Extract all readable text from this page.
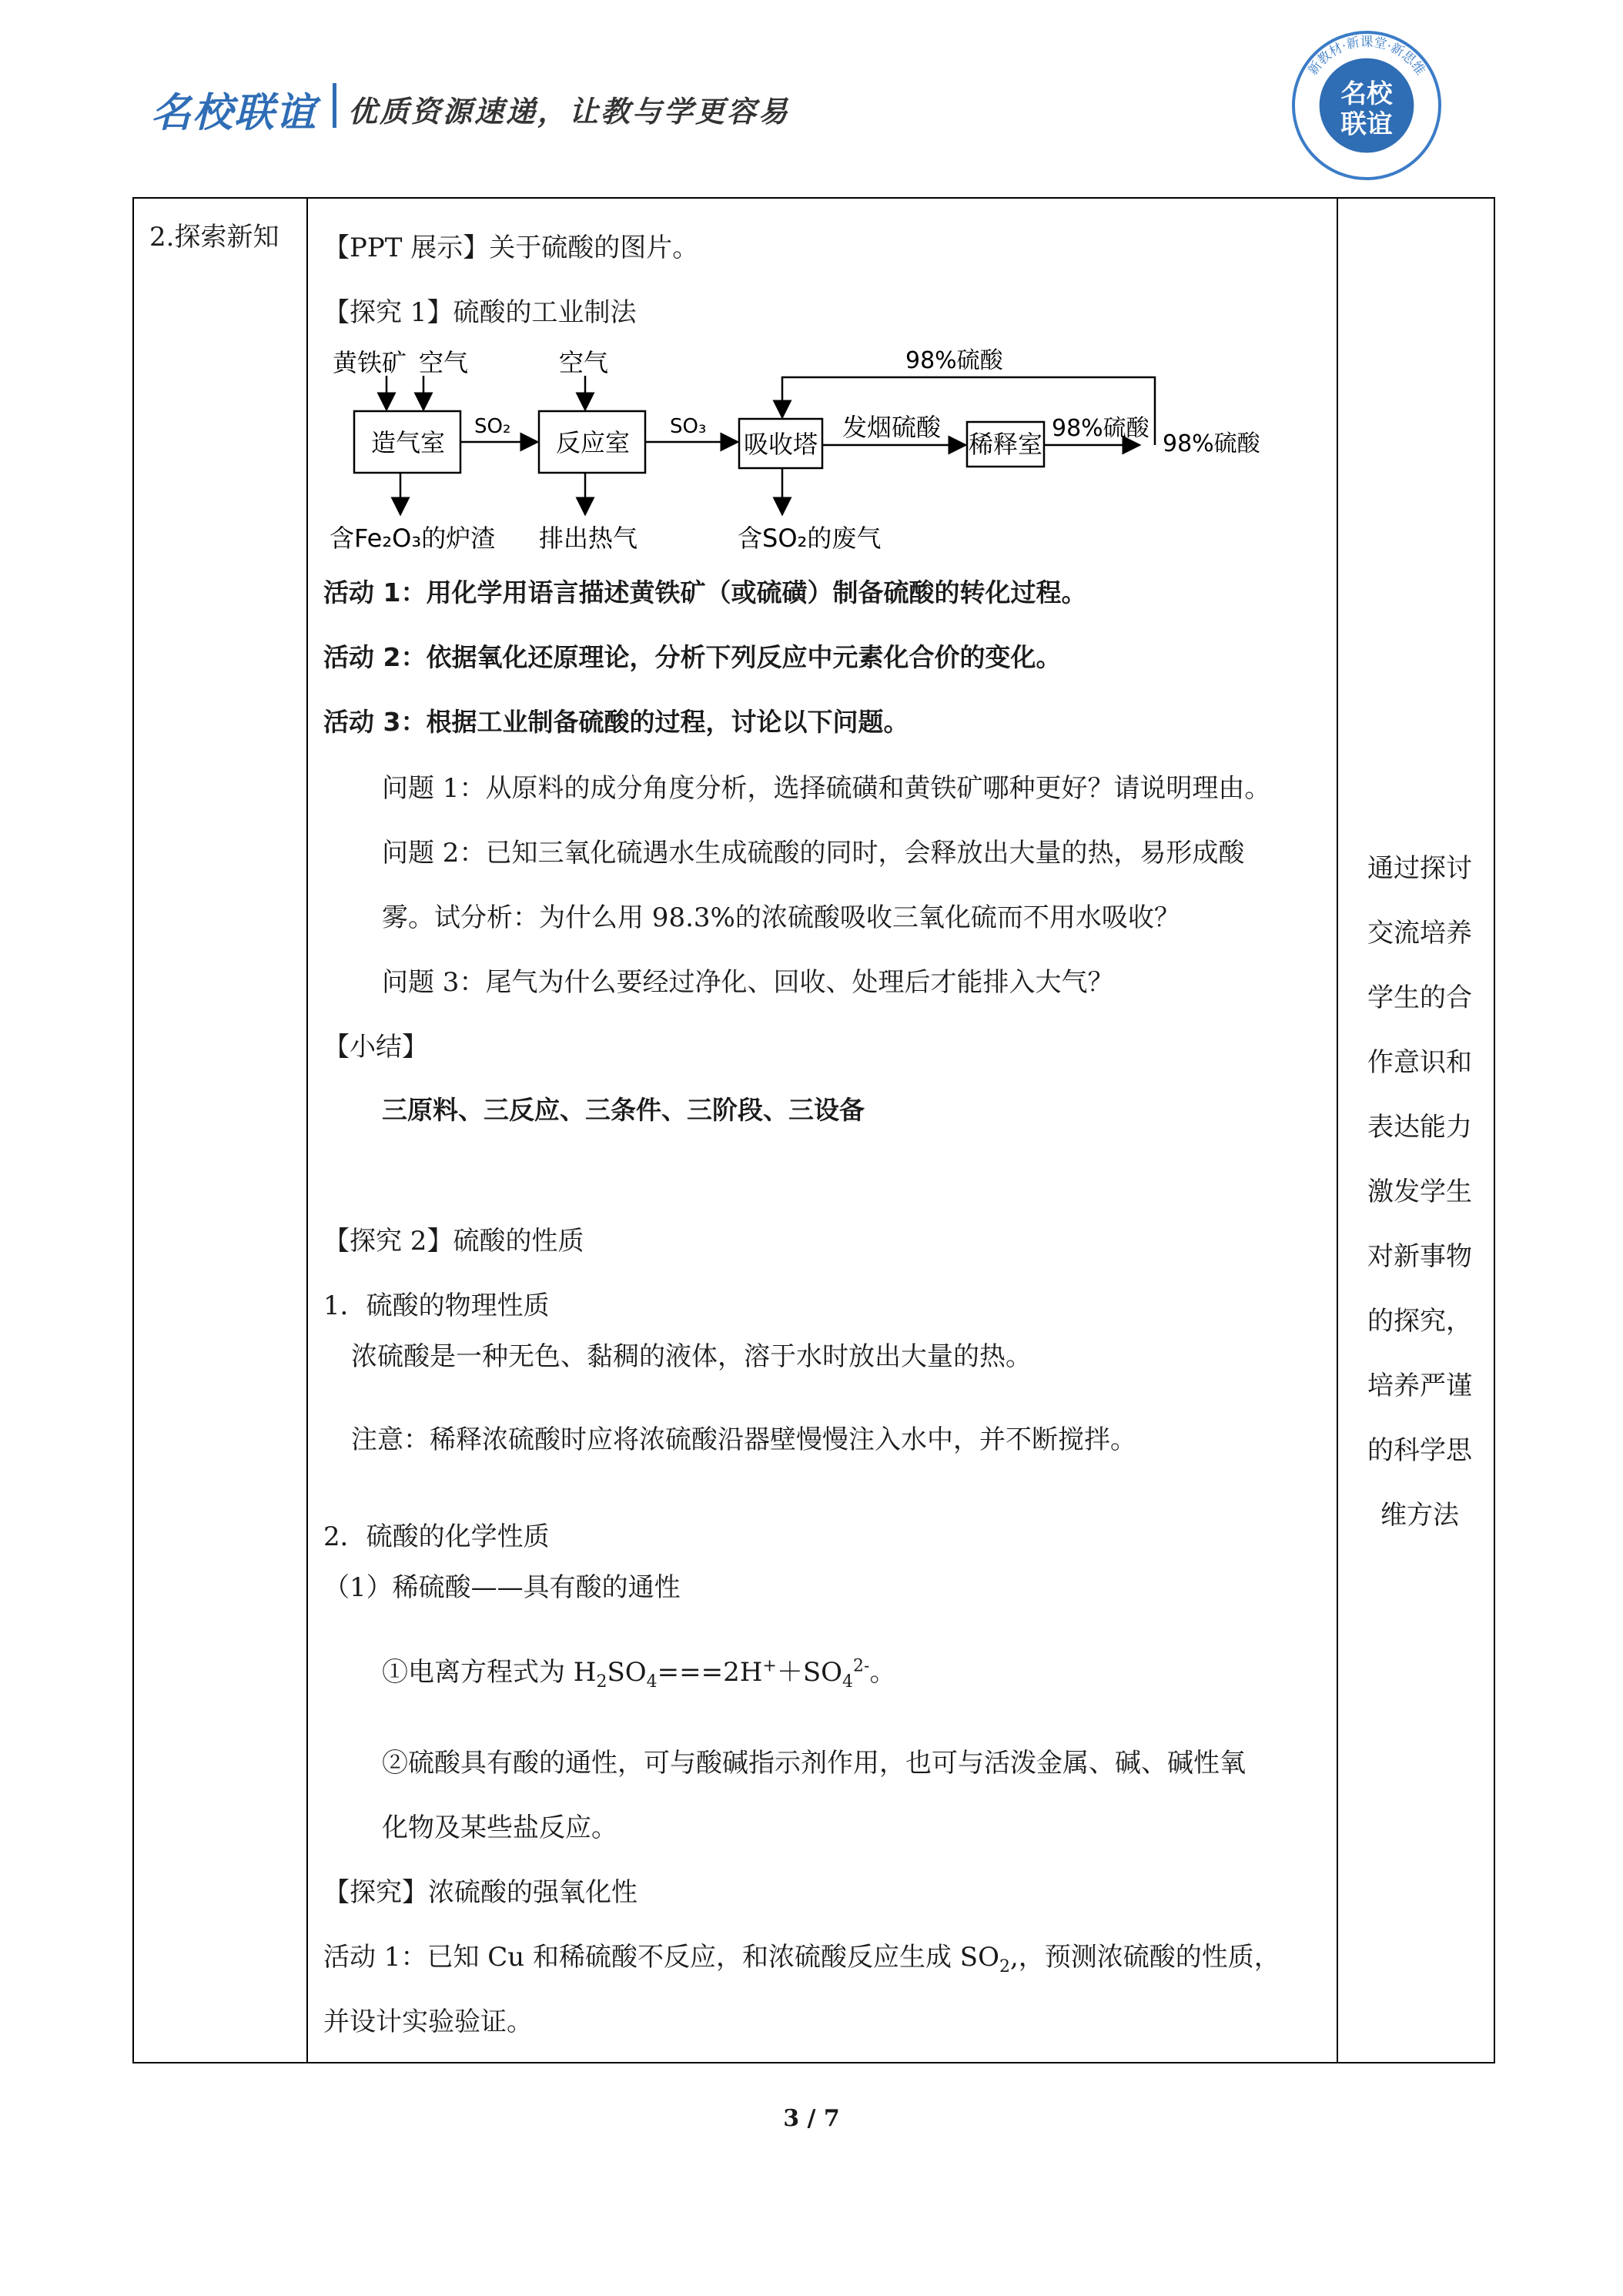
名校联谊 优质资源速递，让教与学更容易
名校
联谊
新教材·新课堂·新思维
2.探索新知 【PPT 展示】关于硫酸的图片。
【探究 1】硫酸的工业制法
黄铁矿 空气	空气
造气室	反应室	吸收塔	稀释室
发烟硫酸
98%硫酸
98%硫酸
98%硫酸
SO₂	SO₃
含Fe₂O₃的炉渣 排出热气	含SO₂的废气
活动 1：用化学用语言描述黄铁矿（或硫磺）制备硫酸的转化过程。
活动 2：依据氧化还原理论，分析下列反应中元素化合价的变化。
活动 3：根据工业制备硫酸的过程，讨论以下问题。
问题 1：从原料的成分角度分析，选择硫磺和黄铁矿哪种更好？请说明理由。
问题 2：已知三氧化硫遇水生成硫酸的同时，会释放出大量的热，易形成酸
雾。试分析：为什么用 98.3%的浓硫酸吸收三氧化硫而不用水吸收？
问题 3：尾气为什么要经过净化、回收、处理后才能排入大气？
【小结】
三原料、三反应、三条件、三阶段、三设备
【探究 2】硫酸的性质
1．硫酸的物理性质
浓硫酸是一种无色、黏稠的液体，溶于水时放出大量的热。
注意：稀释浓硫酸时应将浓硫酸沿器壁慢慢注入水中，并不断搅拌。
2．硫酸的化学性质
（1）稀硫酸——具有酸的通性
①电离方程式为 $H_2SO_4===2H^++SO_4^{2-}$。
②硫酸具有酸的通性，可与酸碱指示剂作用，也可与活泼金属、碱、碱性氧
化物及某些盐反应。
【探究】浓硫酸的强氧化性
活动 1：已知 Cu 和稀硫酸不反应，和浓硫酸反应生成 $SO_2$,，预测浓硫酸的性质，
并设计实验验证。
通过探讨
交流培养
学生的合
作意识和
表达能力
激发学生
对新事物
的探究，
培养严谨
的科学思
维方法
3 / 7
